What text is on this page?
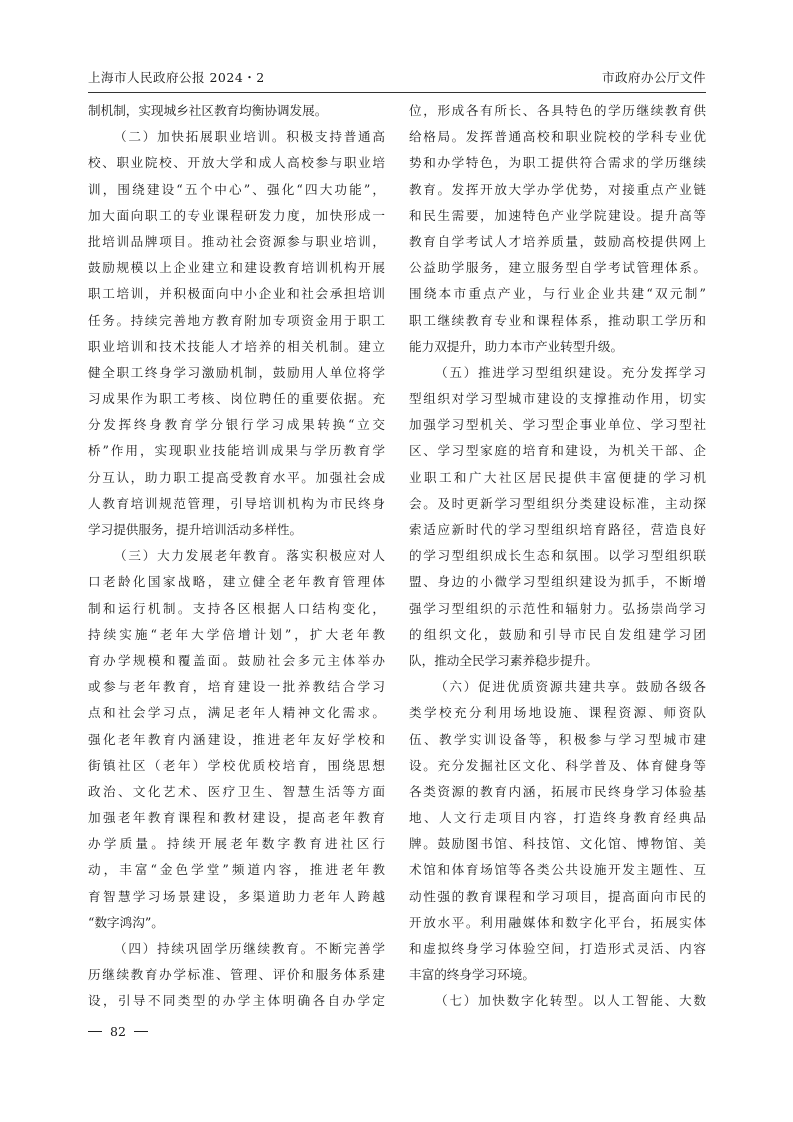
上海市人民政府公报 2024・2	市政府办公厅文件
制机制，实现城乡社区教育均衡协调发展。
（二）加快拓展职业培训。积极支持普通高
校、职业院校、开放大学和成人高校参与职业培
训，围绕建设“五个中心”、强化“四大功能”，
加大面向职工的专业课程研发力度，加快形成一
批培训品牌项目。推动社会资源参与职业培训，
鼓励规模以上企业建立和建设教育培训机构开展
职工培训，并积极面向中小企业和社会承担培训
任务。持续完善地方教育附加专项资金用于职工
职业培训和技术技能人才培养的相关机制。建立
健全职工终身学习激励机制，鼓励用人单位将学
习成果作为职工考核、岗位聘任的重要依据。充
分发挥终身教育学分银行学习成果转换“立交
桥”作用，实现职业技能培训成果与学历教育学
分互认，助力职工提高受教育水平。加强社会成
人教育培训规范管理，引导培训机构为市民终身
学习提供服务，提升培训活动多样性。
（三）大力发展老年教育。落实积极应对人
口老龄化国家战略，建立健全老年教育管理体
制和运行机制。支持各区根据人口结构变化，
持续实施“老年大学倍增计划”，扩大老年教
育办学规模和覆盖面。鼓励社会多元主体举办
或参与老年教育，培育建设一批养教结合学习
点和社会学习点，满足老年人精神文化需求。
强化老年教育内涵建设，推进老年友好学校和
街镇社区（老年）学校优质校培育，围绕思想
政治、文化艺术、医疗卫生、智慧生活等方面
加强老年教育课程和教材建设，提高老年教育
办学质量。持续开展老年数字教育进社区行
动，丰富“金色学堂”频道内容，推进老年教
育智慧学习场景建设，多渠道助力老年人跨越
“数字鸿沟”。
（四）持续巩固学历继续教育。不断完善学
历继续教育办学标准、管理、评价和服务体系建
设，引导不同类型的办学主体明确各自办学定
位，形成各有所长、各具特色的学历继续教育供
给格局。发挥普通高校和职业院校的学科专业优
势和办学特色，为职工提供符合需求的学历继续
教育。发挥开放大学办学优势，对接重点产业链
和民生需要，加速特色产业学院建设。提升高等
教育自学考试人才培养质量，鼓励高校提供网上
公益助学服务，建立服务型自学考试管理体系。
围绕本市重点产业，与行业企业共建“双元制”
职工继续教育专业和课程体系，推动职工学历和
能力双提升，助力本市产业转型升级。
（五）推进学习型组织建设。充分发挥学习
型组织对学习型城市建设的支撑推动作用，切实
加强学习型机关、学习型企事业单位、学习型社
区、学习型家庭的培育和建设，为机关干部、企
业职工和广大社区居民提供丰富便捷的学习机
会。及时更新学习型组织分类建设标准，主动探
索适应新时代的学习型组织培育路径，营造良好
的学习型组织成长生态和氛围。以学习型组织联
盟、身边的小微学习型组织建设为抓手，不断增
强学习型组织的示范性和辐射力。弘扬崇尚学习
的组织文化，鼓励和引导市民自发组建学习团
队，推动全民学习素养稳步提升。
（六）促进优质资源共建共享。鼓励各级各
类学校充分利用场地设施、课程资源、师资队
伍、教学实训设备等，积极参与学习型城市建
设。充分发掘社区文化、科学普及、体育健身等
各类资源的教育内涵，拓展市民终身学习体验基
地、人文行走项目内容，打造终身教育经典品
牌。鼓励图书馆、科技馆、文化馆、博物馆、美
术馆和体育场馆等各类公共设施开发主题性、互
动性强的教育课程和学习项目，提高面向市民的
开放水平。利用融媒体和数字化平台，拓展实体
和虚拟终身学习体验空间，打造形式灵活、内容
丰富的终身学习环境。
（七）加快数字化转型。以人工智能、大数
82
